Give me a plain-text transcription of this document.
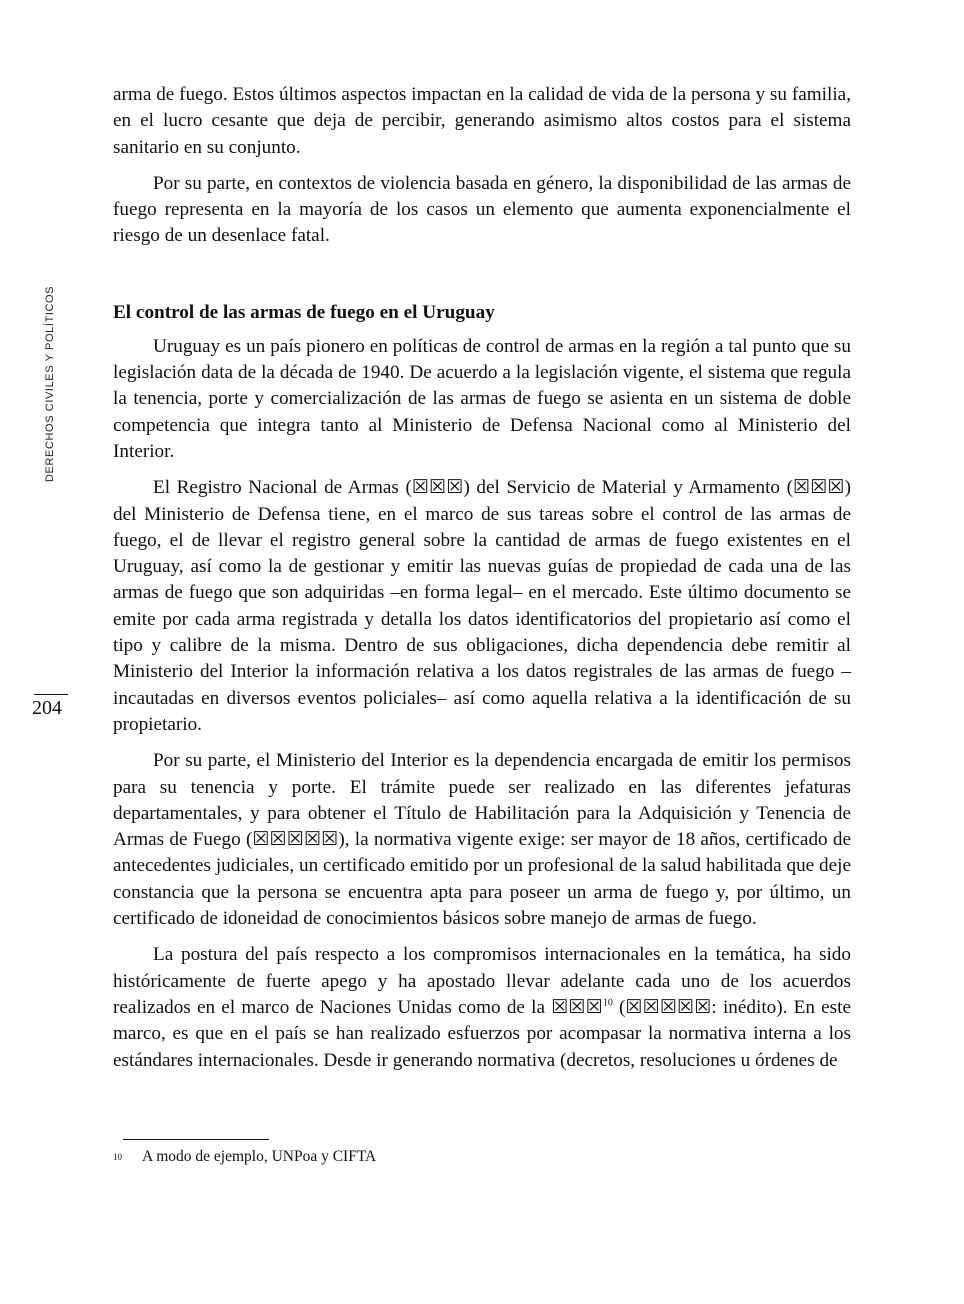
DERECHOS CIVILES Y POLÍTICOS
204

arma de fuego. Estos últimos aspectos impactan en la calidad de vida de la persona y su familia, en el lucro cesante que deja de percibir, generando asimismo altos costos para el sistema sanitario en su conjunto.

Por su parte, en contextos de violencia basada en género, la disponibilidad de las armas de fuego representa en la mayoría de los casos un elemento que aumenta exponencialmente el riesgo de un desenlace fatal.

El control de las armas de fuego en el Uruguay

Uruguay es un país pionero en políticas de control de armas en la región a tal punto que su legislación data de la década de 1940. De acuerdo a la legislación vigente, el sistema que regula la tenencia, porte y comercialización de las armas de fuego se asienta en un sistema de doble competencia que integra tanto al Ministerio de Defensa Nacional como al Ministerio del Interior.

El Registro Nacional de Armas (☒☒☒) del Servicio de Material y Armamento (☒☒☒) del Ministerio de Defensa tiene, en el marco de sus tareas sobre el control de las armas de fuego, el de llevar el registro general sobre la cantidad de armas de fuego existentes en el Uruguay, así como la de gestionar y emitir las nuevas guías de propiedad de cada una de las armas de fuego que son adquiridas –en forma legal– en el mercado. Este último documento se emite por cada arma registrada y detalla los datos identificatorios del propietario así como el tipo y calibre de la misma. Dentro de sus obligaciones, dicha dependencia debe remitir al Ministerio del Interior la información relativa a los datos registrales de las armas de fuego –incautadas en diversos eventos policiales– así como aquella relativa a la identificación de su propietario.

Por su parte, el Ministerio del Interior es la dependencia encargada de emitir los permisos para su tenencia y porte. El trámite puede ser realizado en las diferentes jefaturas departamentales, y para obtener el Título de Habilitación para la Adquisición y Tenencia de Armas de Fuego (☒☒☒☒☒), la normativa vigente exige: ser mayor de 18 años, certificado de antecedentes judiciales, un certificado emitido por un profesional de la salud habilitada que deje constancia que la persona se encuentra apta para poseer un arma de fuego y, por último, un certificado de idoneidad de conocimientos básicos sobre manejo de armas de fuego.

La postura del país respecto a los compromisos internacionales en la temática, ha sido históricamente de fuerte apego y ha apostado llevar adelante cada uno de los acuerdos realizados en el marco de Naciones Unidas como de la ☒☒☒$^{10}$ (☒☒☒☒☒: inédito). En este marco, es que en el país se han realizado esfuerzos por acompasar la normativa interna a los estándares internacionales. Desde ir generando normativa (decretos, resoluciones u órdenes de

10 A modo de ejemplo, UNPoa y CIFTA
